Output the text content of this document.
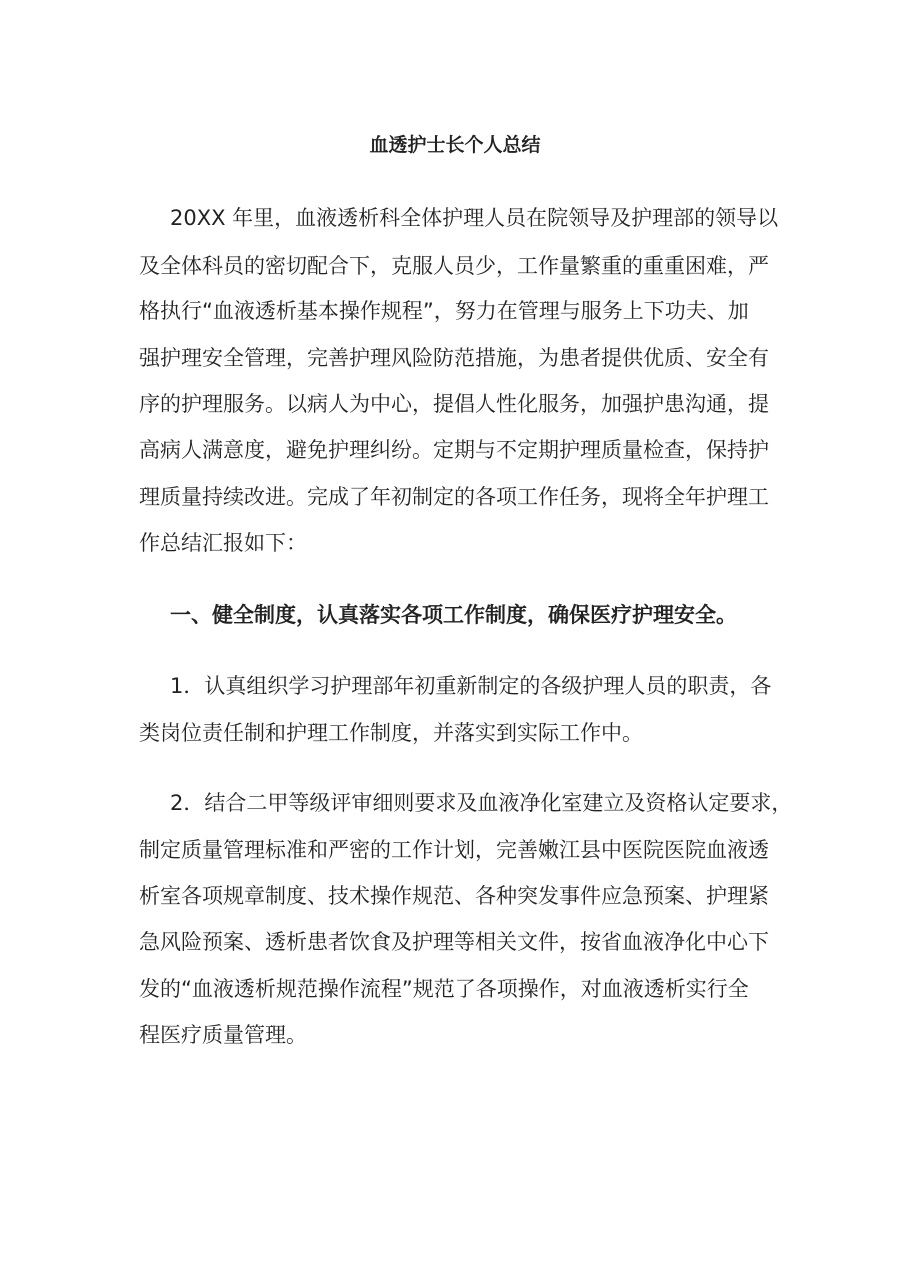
血透护士长个人总结

20XX 年里，血液透析科全体护理人员在院领导及护理部的领导以

及全体科员的密切配合下，克服人员少，工作量繁重的重重困难，严

格执行“血液透析基本操作规程”，努力在管理与服务上下功夫、加

强护理安全管理，完善护理风险防范措施，为患者提供优质、安全有

序的护理服务。以病人为中心，提倡人性化服务，加强护患沟通，提

高病人满意度，避免护理纠纷。定期与不定期护理质量检查，保持护

理质量持续改进。完成了年初制定的各项工作任务，现将全年护理工

作总结汇报如下：

一、健全制度，认真落实各项工作制度，确保医疗护理安全。

1．认真组织学习护理部年初重新制定的各级护理人员的职责，各

类岗位责任制和护理工作制度，并落实到实际工作中。

2．结合二甲等级评审细则要求及血液净化室建立及资格认定要求，

制定质量管理标准和严密的工作计划，完善嫩江县中医院医院血液透

析室各项规章制度、技术操作规范、各种突发事件应急预案、护理紧

急风险预案、透析患者饮食及护理等相关文件，按省血液净化中心下

发的“血液透析规范操作流程”规范了各项操作，对血液透析实行全

程医疗质量管理。
